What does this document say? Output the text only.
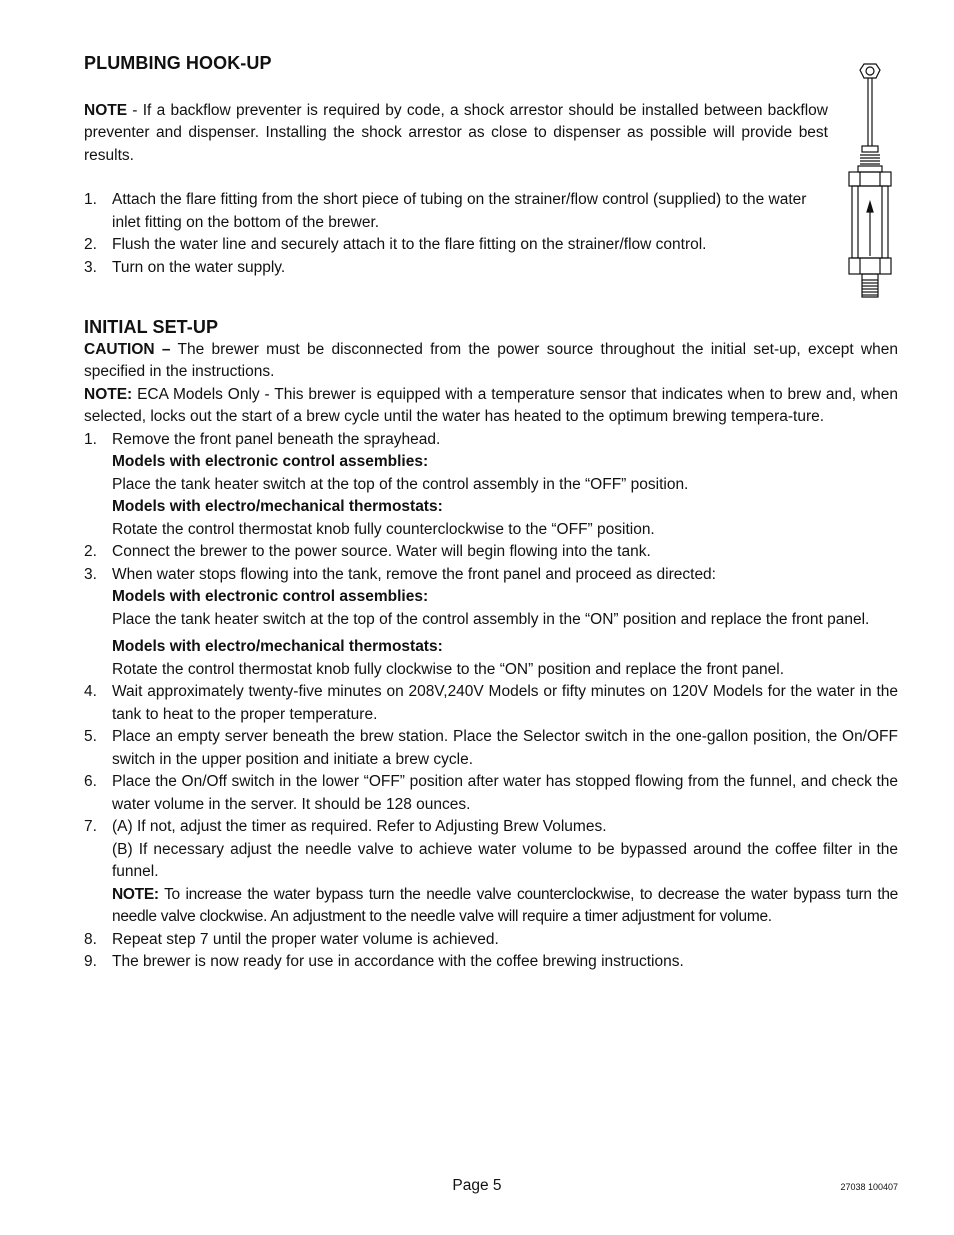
PLUMBING HOOK-UP
NOTE - If a backflow preventer is required by code, a shock arrestor should be installed between backflow preventer and dispenser. Installing the shock arrestor as close to dispenser as possible will provide best results.
1. Attach the flare fitting from the short piece of tubing on the strainer/flow control (supplied) to the water inlet fitting on the bottom of the brewer.
2. Flush the water line and securely attach it to the flare fitting on the strainer/flow control.
3. Turn on the water supply.
INITIAL SET-UP
CAUTION – The brewer must be disconnected from the power source throughout the initial set-up, except when specified in the instructions.
NOTE: ECA Models Only - This brewer is equipped with a temperature sensor that indicates when to brew and, when selected, locks out the start of a brew cycle until the water has heated to the optimum brewing tempera-ture.
1. Remove the front panel beneath the sprayhead.
Models with electronic control assemblies:
Place the tank heater switch at the top of the control assembly in the “OFF” position.
Models with electro/mechanical thermostats:
Rotate the control thermostat knob fully counterclockwise to the “OFF” position.
2. Connect the brewer to the power source. Water will begin flowing into the tank.
3. When water stops flowing into the tank, remove the front panel and proceed as directed:
Models with electronic control assemblies:
Place the tank heater switch at the top of the control assembly in the “ON” position and replace the front panel.
Models with electro/mechanical thermostats:
Rotate the control thermostat knob fully clockwise to the “ON” position and replace the front panel.
4. Wait approximately twenty-five minutes on 208V,240V Models or fifty minutes on 120V Models for the water in the tank to heat to the proper temperature.
5. Place an empty server beneath the brew station. Place the Selector switch in the one-gallon position, the On/OFF switch in the upper position and initiate a brew cycle.
6. Place the On/Off switch in the lower “OFF” position after water has stopped flowing from the funnel, and check the water volume in the server. It should be 128 ounces.
7. (A) If not, adjust the timer as required. Refer to Adjusting Brew Volumes.
(B) If necessary adjust the needle valve to achieve water volume to be bypassed around the coffee filter in the funnel.
NOTE: To increase the water bypass turn the needle valve counterclockwise, to decrease the water bypass turn the needle valve clockwise. An adjustment to the needle valve will require a timer adjustment for volume.
8. Repeat step 7 until the proper water volume is achieved.
9. The brewer is now ready for use in accordance with the coffee brewing instructions.
Page 5	27038 100407
